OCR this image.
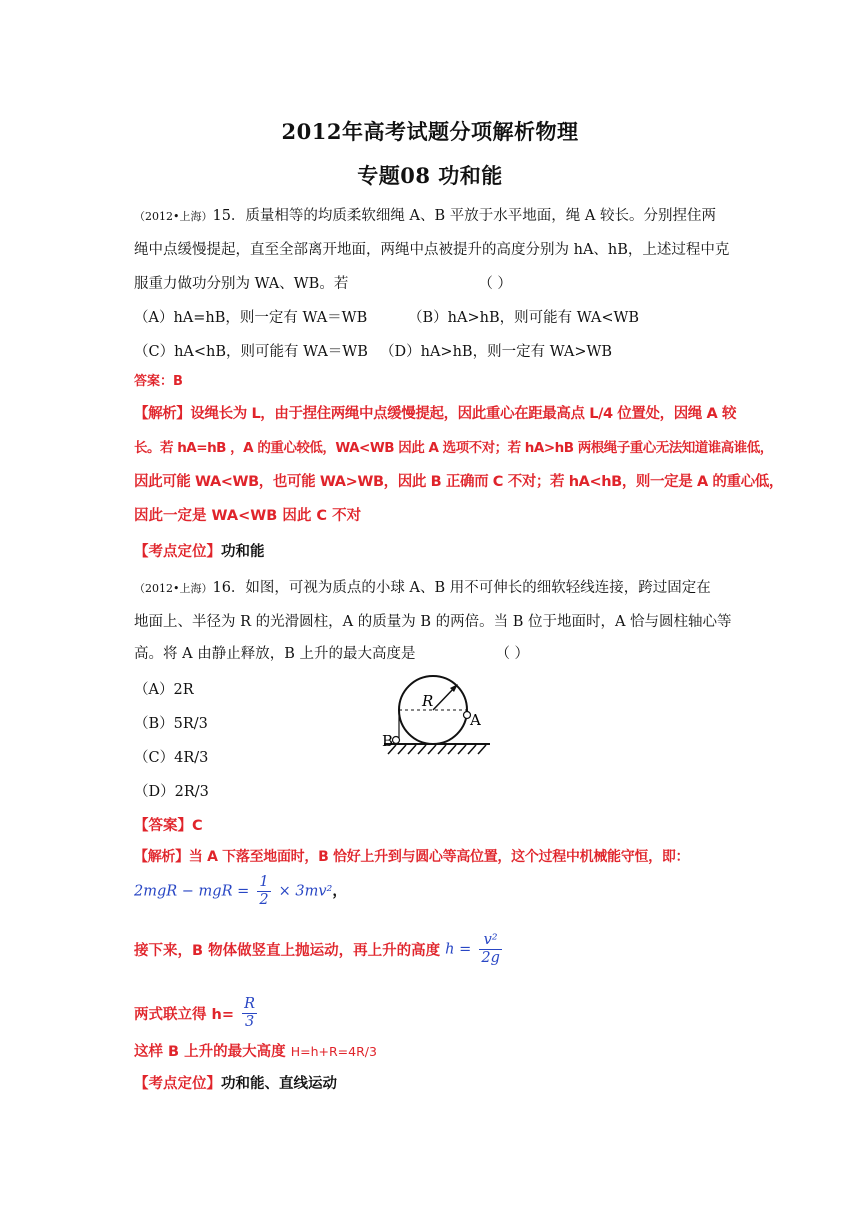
2012年高考试题分项解析物理
专题08 功和能
（2012•上海）15．质量相等的均质柔软细绳 A、B 平放于水平地面，绳 A 较长。分别捏住两
绳中点缓慢提起，直至全部离开地面，两绳中点被提升的高度分别为 hA、hB，上述过程中克
服重力做功分别为 WA、WB。若	（ ）
（A）hA=hB，则一定有 WA＝WB	（B）hA>hB，则可能有 WA<WB
（C）hA<hB，则可能有 WA＝WB （D）hA>hB，则一定有 WA>WB
答案：B
【解析】设绳长为 L，由于捏住两绳中点缓慢提起，因此重心在距最高点 L/4 位置处，因绳 A 较
长。若 hA=hB ，A 的重心较低，WA<WB 因此 A 选项不对；若 hA>hB 两根绳子重心无法知道谁高谁低，
因此可能 WA<WB，也可能 WA>WB，因此 B 正确而 C 不对；若 hA<hB，则一定是 A 的重心低，
因此一定是 WA<WB 因此 C 不对
【考点定位】功和能
（2012•上海）16．如图，可视为质点的小球 A、B 用不可伸长的细软轻线连接，跨过固定在
地面上、半径为 R 的光滑圆柱，A 的质量为 B 的两倍。当 B 位于地面时，A 恰与圆柱轴心等
高。将 A 由静止释放，B 上升的最大高度是	（ ）
（A）2R
（B）5R/3
（C）4R/3
（D）2R/3
R
A
B
【答案】C
【解析】当 A 下落至地面时，B 恰好上升到与圆心等高位置，这个过程中机械能守恒，即：
2mgR − mgR = $\frac{1}{2} \times 3mv^2$，
接下来，B 物体做竖直上抛运动，再上升的高度 $h = \frac{\text{v²}}{2g}$
两式联立得 $h= \frac{R}{3}$
这样 B 上升的最大高度 H=h+R=4R/3
【考点定位】功和能、直线运动
